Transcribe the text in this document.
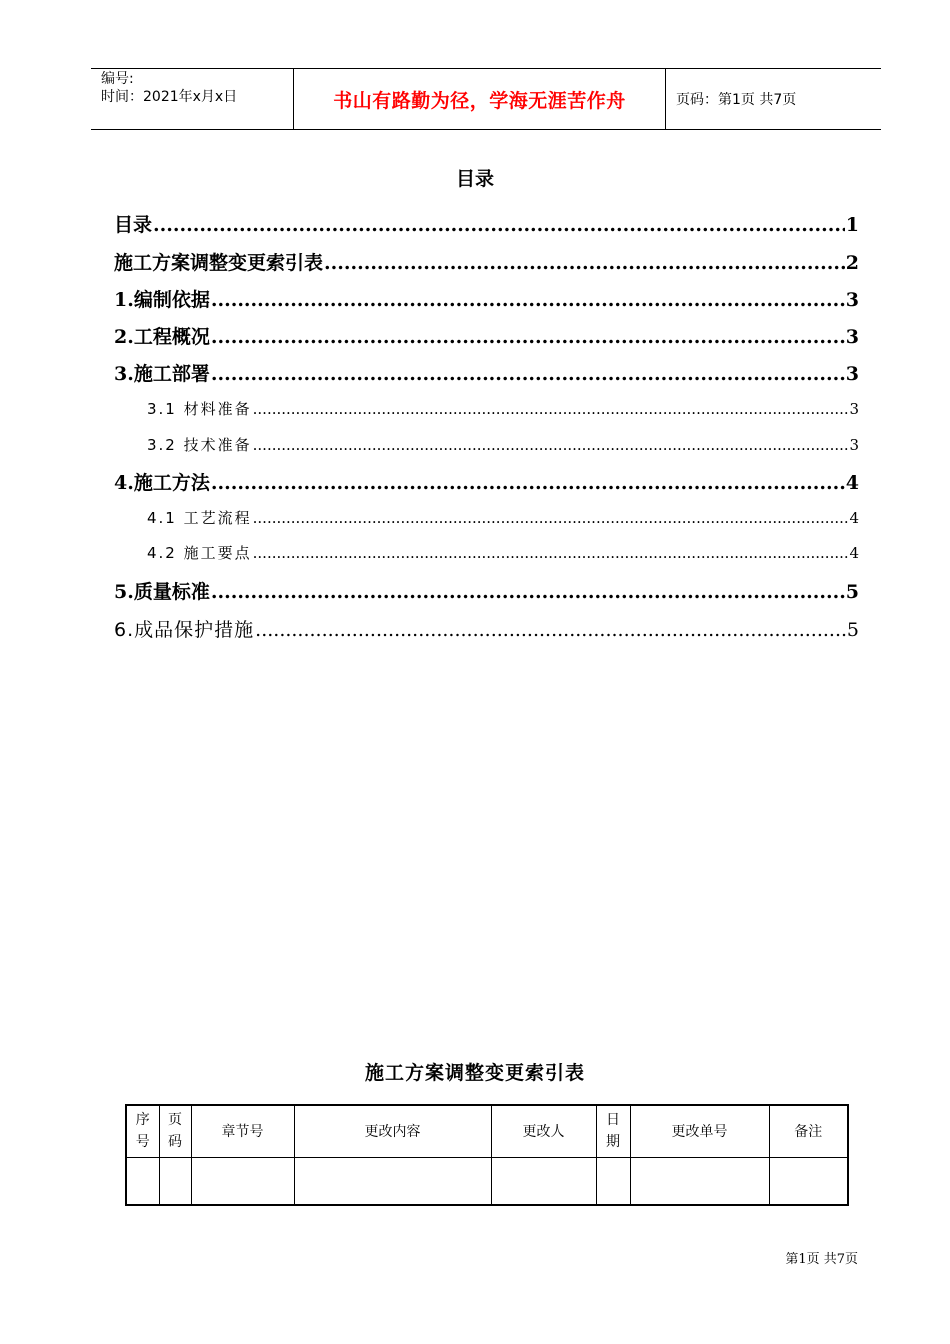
编号:
时间：2021年x月x日	书山有路勤为径，学海无涯苦作舟	页码：第1页 共7页
目录
目录 .....	1
施工方案调整变更索引表 .....	2
1.编制依据 .....	3
2.工程概况 .....	3
3.施工部署 .....	3
3.1 材料准备 .....	3
3.2 技术准备 .....	3
4.施工方法 .....	4
4.1 工艺流程 .....	4
4.2 施工要点 .....	4
5.质量标准 .....	5
6.成品保护措施 .....	5
施工方案调整变更索引表
序号	页码	章节号	更改内容	更改人	日期	更改单号	备注

第1页 共7页
